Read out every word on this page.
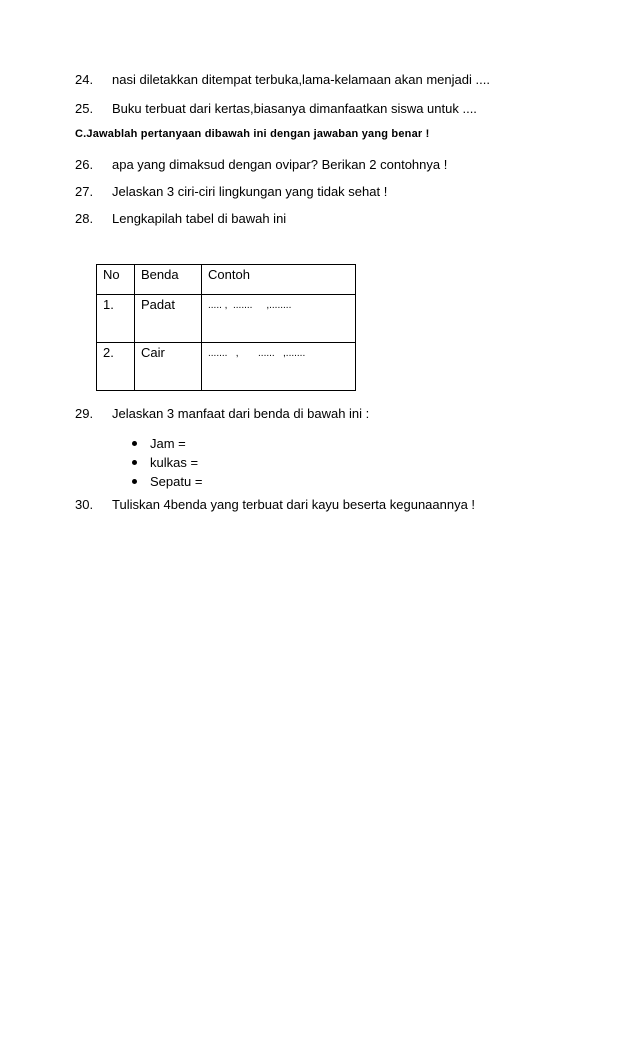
24. nasi diletakkan ditempat terbuka,lama-kelamaan akan menjadi ....
25. Buku terbuat dari kertas,biasanya dimanfaatkan siswa untuk ....
C.Jawablah pertanyaan dibawah ini dengan jawaban yang benar !
26. apa yang dimaksud dengan ovipar? Berikan 2 contohnya !
27. Jelaskan 3 ciri-ciri lingkungan yang tidak sehat !
28. Lengkapilah tabel di bawah ini
No	Benda	Contoh
1.	Padat	..... ,  .......     ,........
2.	Cair	.......   ,       ......   ,.......
29. Jelaskan 3 manfaat dari benda di bawah ini :
Jam =
kulkas =
Sepatu =
30. Tuliskan 4benda yang terbuat dari kayu beserta kegunaannya !
